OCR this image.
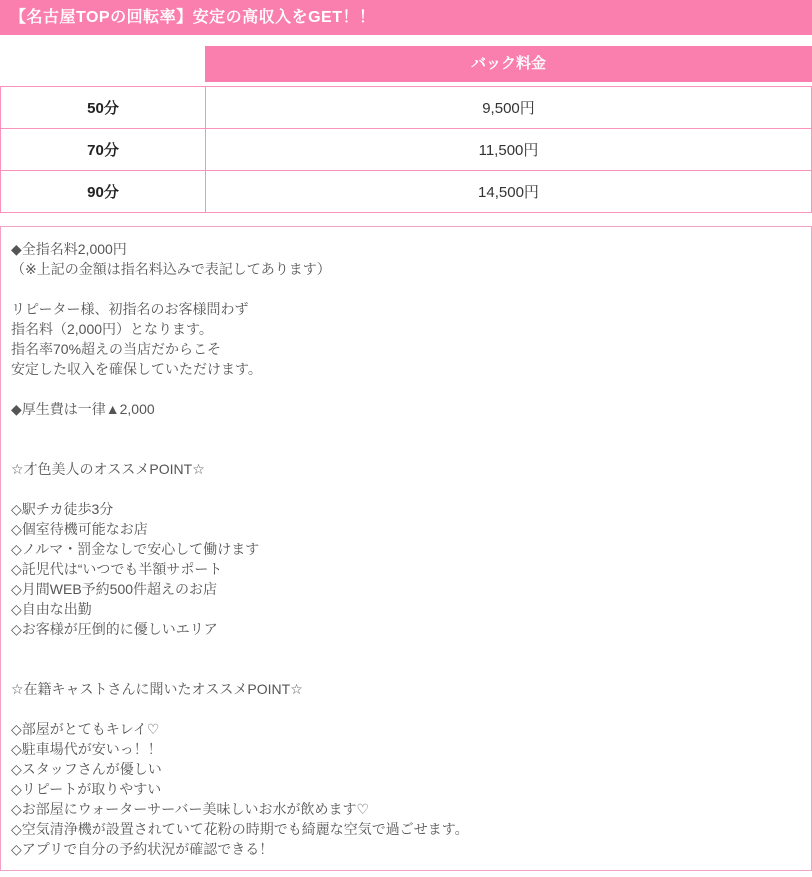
【名古屋TOPの回転率】安定の高収入をGET！！
バック料金
50分	9,500円
70分	11,500円
90分	14,500円
◆全指名料2,000円
（※上記の金額は指名料込みで表記してあります）
リピーター様、初指名のお客様問わず
指名料（2,000円）となります。
指名率70%超えの当店だからこそ
安定した収入を確保していただけます。
◆厚生費は一律▲2,000
☆才色美人のオススメPOINT☆
◇駅チカ徒歩3分
◇個室待機可能なお店
◇ノルマ・罰金なしで安心して働けます
◇託児代は“いつでも半額サポート
◇月間WEB予約500件超えのお店
◇自由な出勤
◇お客様が圧倒的に優しいエリア
☆在籍キャストさんに聞いたオススメPOINT☆
◇部屋がとてもキレイ♡
◇駐車場代が安いっ！！
◇スタッフさんが優しい
◇リピートが取りやすい
◇お部屋にウォーターサーバー美味しいお水が飲めます♡
◇空気清浄機が設置されていて花粉の時期でも綺麗な空気で過ごせます。
◇アプリで自分の予約状況が確認できる！
